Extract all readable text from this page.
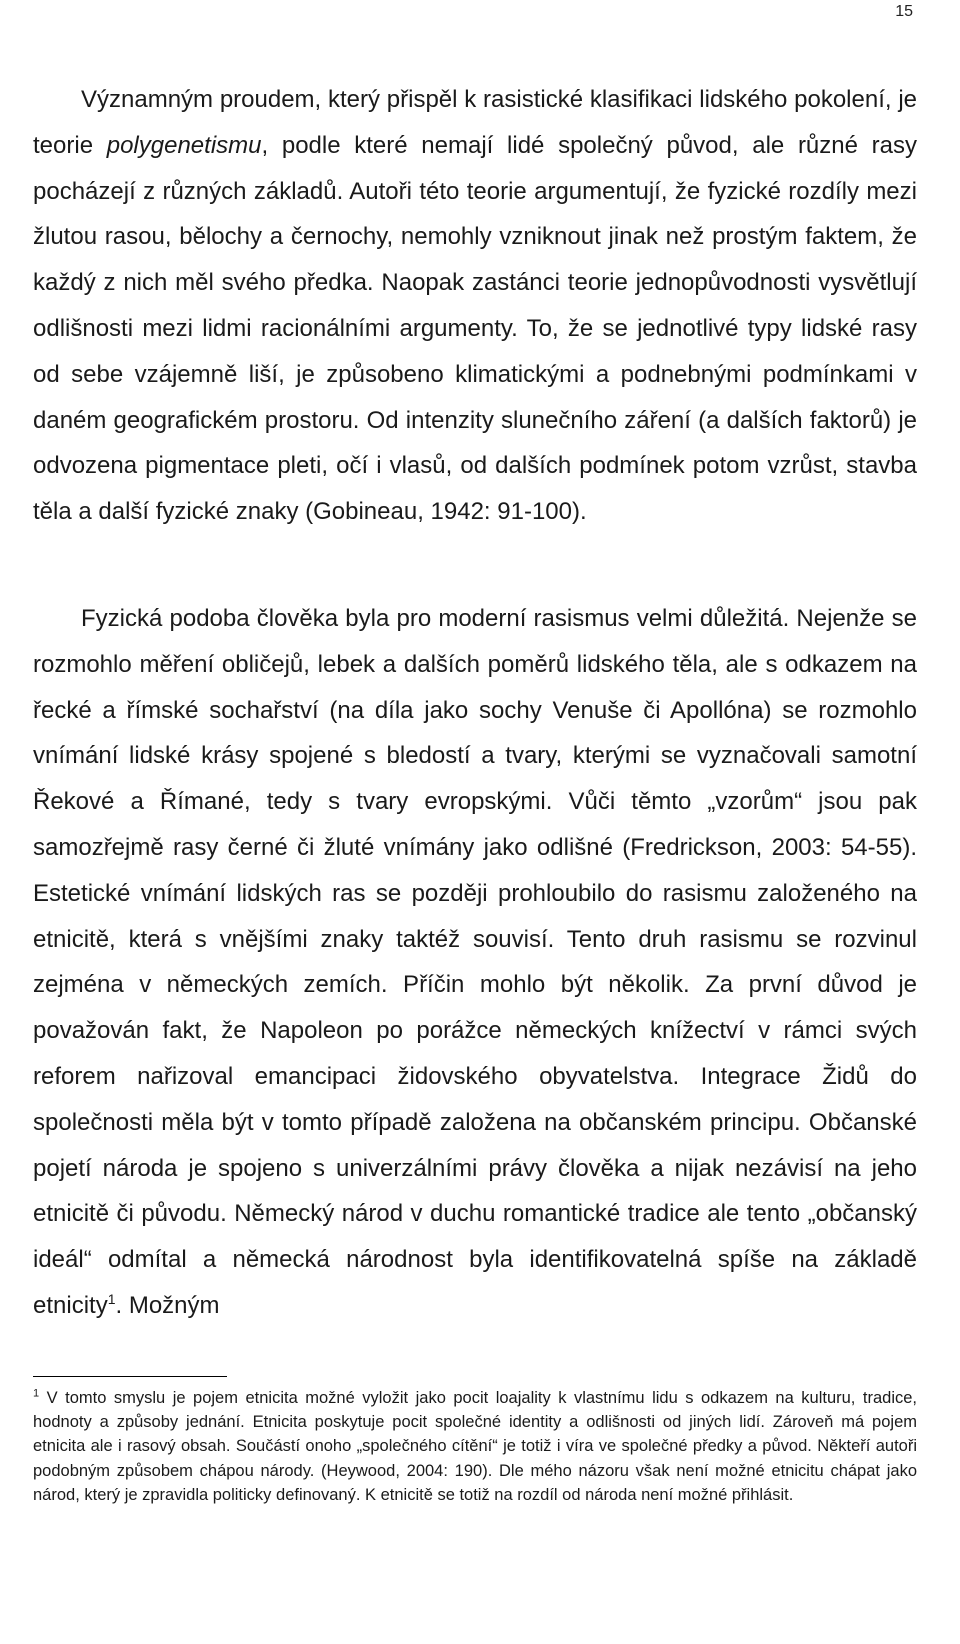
15

Významným proudem, který přispěl k rasistické klasifikaci lidského pokolení, je teorie polygenetismu, podle které nemají lidé společný původ, ale různé rasy pocházejí z různých základů. Autoři této teorie argumentují, že fyzické rozdíly mezi žlutou rasou, bělochy a černochy, nemohly vzniknout jinak než prostým faktem, že každý z nich měl svého předka. Naopak zastánci teorie jednopůvodnosti vysvětlují odlišnosti mezi lidmi racionálními argumenty. To, že se jednotlivé typy lidské rasy od sebe vzájemně liší, je způsobeno klimatickými a podnebnými podmínkami v daném geografickém prostoru. Od intenzity slunečního záření (a dalších faktorů) je odvozena pigmentace pleti, očí i vlasů, od dalších podmínek potom vzrůst, stavba těla a další fyzické znaky (Gobineau, 1942: 91-100).

Fyzická podoba člověka byla pro moderní rasismus velmi důležitá. Nejenže se rozmohlo měření obličejů, lebek a dalších poměrů lidského těla, ale s odkazem na řecké a římské sochařství (na díla jako sochy Venuše či Apollóna) se rozmohlo vnímání lidské krásy spojené s bledostí a tvary, kterými se vyznačovali samotní Řekové a Římané, tedy s tvary evropskými. Vůči těmto „vzorům“ jsou pak samozřejmě rasy černé či žluté vnímány jako odlišné (Fredrickson, 2003: 54-55). Estetické vnímání lidských ras se později prohloubilo do rasismu založeného na etnicitě, která s vnějšími znaky taktéž souvisí. Tento druh rasismu se rozvinul zejména v německých zemích. Příčin mohlo být několik. Za první důvod je považován fakt, že Napoleon po porážce německých knížectví v rámci svých reforem nařizoval emancipaci židovského obyvatelstva. Integrace Židů do společnosti měla být v tomto případě založena na občanském principu. Občanské pojetí národa je spojeno s univerzálními právy člověka a nijak nezávisí na jeho etnicitě či původu. Německý národ v duchu romantické tradice ale tento „občanský ideál“ odmítal a německá národnost byla identifikovatelná spíše na základě etnicity$^1$. Možným

$^1$ V tomto smyslu je pojem etnicita možné vyložit jako pocit loajality k vlastnímu lidu s odkazem na kulturu, tradice, hodnoty a způsoby jednání. Etnicita poskytuje pocit společné identity a odlišnosti od jiných lidí. Zároveň má pojem etnicita ale i rasový obsah. Součástí onoho „společného cítění“ je totiž i víra ve společné předky a původ. Někteří autoři podobným způsobem chápou národy. (Heywood, 2004: 190). Dle mého názoru však není možné etnicitu chápat jako národ, který je zpravidla politicky definovaný. K etnicitě se totiž na rozdíl od národa není možné přihlásit.
